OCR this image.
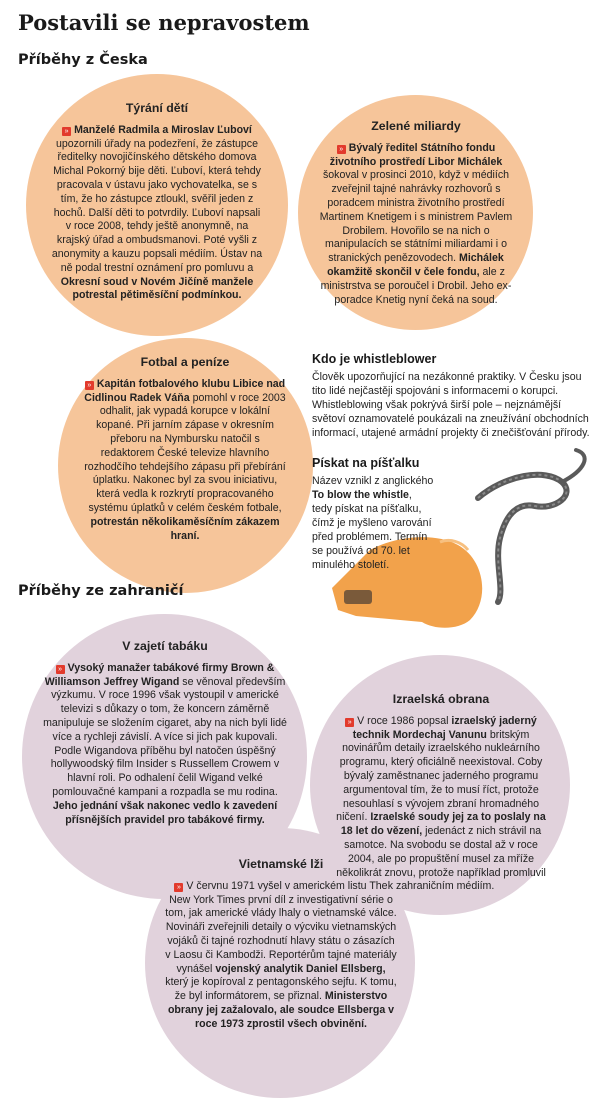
Postavili se nepravostem
Příběhy z Česka
Příběhy ze zahraničí
Týrání dětí
» Manželé Radmila a Miroslav Ľuboví upozornili úřady na podezření, že zástupce ředitelky novojičínského dětského domova Michal Pokorný bije děti. Ľuboví, která tehdy pracovala v ústavu jako vychovatelka, se s tím, že ho zástupce ztloukl, svěřil jeden z hochů. Další děti to potvrdily. Ľuboví napsali v roce 2008, tehdy ještě anonymně, na krajský úřad a ombudsmanovi. Poté vyšli z anonymity a kauzu popsali médiím. Ústav na ně podal trestní oznámení pro pomluvu a Okresní soud v Novém Jičíně manžele potrestal pětiměsíční podmínkou.
Zelené miliardy
» Bývalý ředitel Státního fondu životního prostředí Libor Michálek šokoval v prosinci 2010, když v médiích zveřejnil tajné nahrávky rozhovorů s poradcem ministra životního prostředí Martinem Knetigem i s ministrem Pavlem Drobilem. Hovořilo se na nich o manipulacích se státními miliardami i o stranických penězovodech. Michálek okamžitě skončil v čele fondu, ale z ministrstva se poroučel i Drobil. Jeho ex-poradce Knetig nyní čeká na soud.
Fotbal a peníze
» Kapitán fotbalového klubu Libice nad Cidlinou Radek Váňa pomohl v roce 2003 odhalit, jak vypadá korupce v lokální kopané. Při jarním zápase v okresním přeboru na Nymbursku natočil s redaktorem České televize hlavního rozhodčího tehdejšího zápasu při přebírání úplatku. Nakonec byl za svou iniciativu, která vedla k rozkrytí propracovaného systému úplatků v celém českém fotbale, potrestán několikaměsíčním zákazem hraní.
V zajetí tabáku
» Vysoký manažer tabákové firmy Brown & Williamson Jeffrey Wigand se věnoval především výzkumu. V roce 1996 však vystoupil v americké televizi s důkazy o tom, že koncern záměrně manipuluje se složením cigaret, aby na nich byli lidé více a rychleji závislí. A více si jich pak kupovali. Podle Wigandova příběhu byl natočen úspěšný hollywoodský film Insider s Russellem Crowem v hlavní roli. Po odhalení čelil Wigand velké pomlouvačné kampani a rozpadla se mu rodina. Jeho jednání však nakonec vedlo k zavedení přísnějších pravidel pro tabákové firmy.
Izraelská obrana
» V roce 1986 popsal izraelský jaderný technik Mordechaj Vanunu britským novinářům detaily izraelského nukleárního programu, který oficiálně neexistoval. Coby bývalý zaměstnanec jaderného programu argumentoval tím, že to musí říct, protože nesouhlasí s vývojem zbraní hromadného ničení. Izraelské soudy jej za to poslaly na 18 let do vězení, jedenáct z nich strávil na samotce. Na svobodu se dostal až v roce 2004, ale po propuštění musel za mříže několikrát znovu, protože například promluvil k zahraničním médiím.
Vietnamské lži
» V červnu 1971 vyšel v americkém listu The New York Times první díl z investigativní série o tom, jak americké vlády lhaly o vietnamské válce. Novináři zveřejnili detaily o výcviku vietnamských vojáků či tajné rozhodnutí hlavy státu o zásazích v Laosu či Kambodži. Reportérům tajné materiály vynášel vojenský analytik Daniel Ellsberg, který je kopíroval z pentagonského sejfu. K tomu, že byl informátorem, se přiznal. Ministerstvo obrany jej zažalovalo, ale soudce Ellsberga v roce 1973 zprostil všech obvinění.
Kdo je whistleblower
Člověk upozorňující na nezákonné praktiky. V Česku jsou tito lidé nejčastěji spojováni s informacemi o korupci. Whistleblowing však pokrývá širší pole – nejznámější světoví oznamovatelé poukázali na zneužívání obchodních informací, utajené armádní projekty či znečišťování přírody.
Pískat na píšťalku
Název vznikl z anglického To blow the whistle, tedy pískat na píšťalku, čímž je myšleno varování před problémem. Termín se používá od 70. let minulého století.
